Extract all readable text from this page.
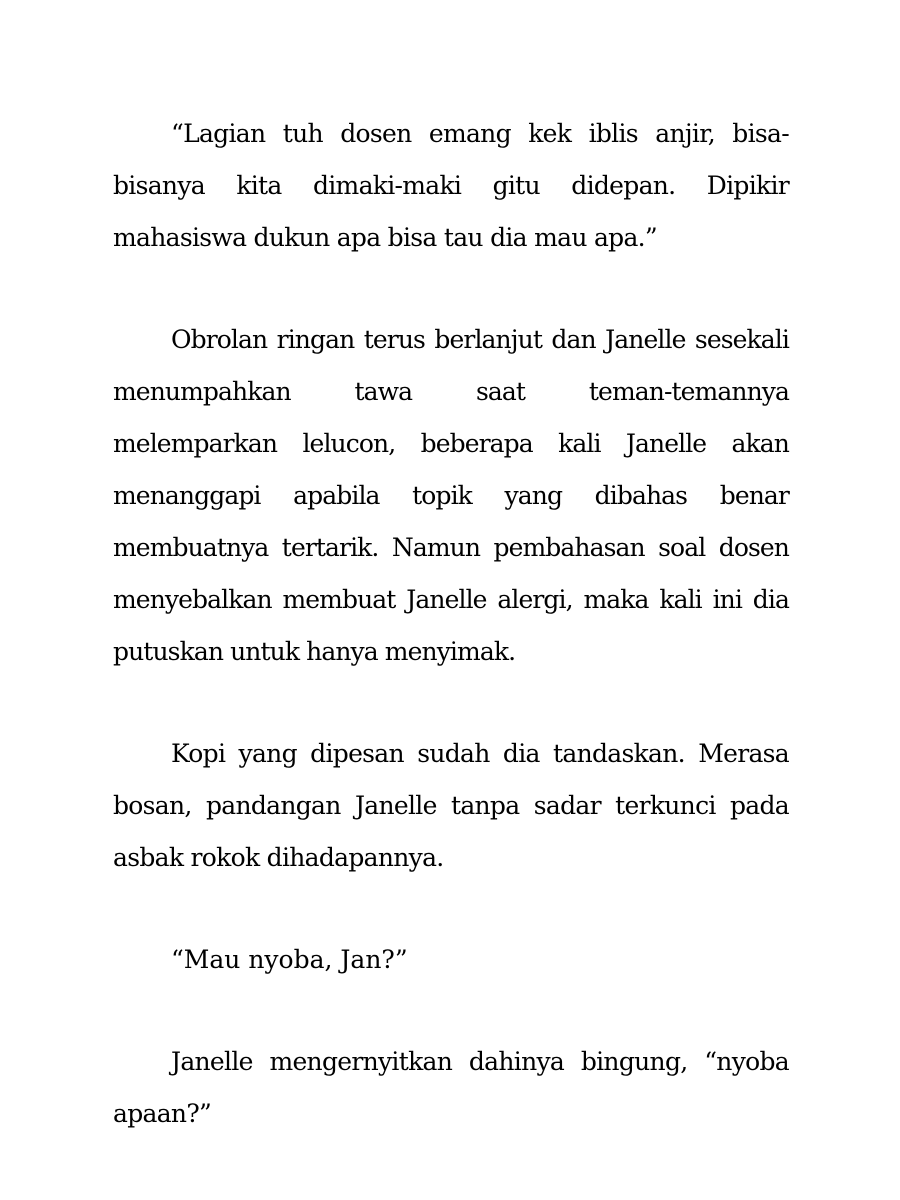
“Lagian tuh dosen emang kek iblis anjir, bisa-bisanya kita dimaki-maki gitu didepan. Dipikir mahasiswa dukun apa bisa tau dia mau apa.”

Obrolan ringan terus berlanjut dan Janelle sesekali menumpahkan tawa saat teman-temannya melemparkan lelucon, beberapa kali Janelle akan menanggapi apabila topik yang dibahas benar membuatnya tertarik. Namun pembahasan soal dosen menyebalkan membuat Janelle alergi, maka kali ini dia putuskan untuk hanya menyimak.

Kopi yang dipesan sudah dia tandaskan. Merasa bosan, pandangan Janelle tanpa sadar terkunci pada asbak rokok dihadapannya.

“Mau nyoba, Jan?”

Janelle mengernyitkan dahinya bingung, “nyoba apaan?”
